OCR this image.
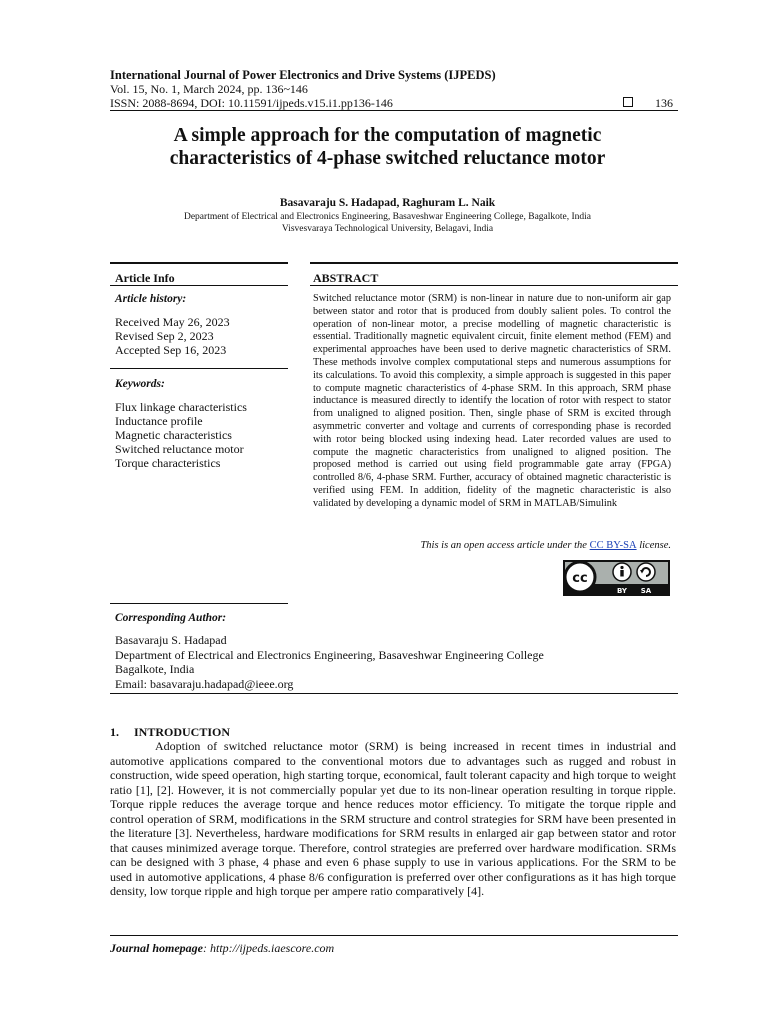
International Journal of Power Electronics and Drive Systems (IJPEDS)
Vol. 15, No. 1, March 2024, pp. 136~146
ISSN: 2088-8694, DOI: 10.11591/ijpeds.v15.i1.pp136-146	136
A simple approach for the computation of magnetic
characteristics of 4-phase switched reluctance motor
Basavaraju S. Hadapad, Raghuram L. Naik
Department of Electrical and Electronics Engineering, Basaveshwar Engineering College, Bagalkote, India
Visvesvaraya Technological University, Belagavi, India
Article Info
Article history:
Received May 26, 2023
Revised Sep 2, 2023
Accepted Sep 16, 2023
Keywords:
Flux linkage characteristics
Inductance profile
Magnetic characteristics
Switched reluctance motor
Torque characteristics
ABSTRACT
Switched reluctance motor (SRM) is non-linear in nature due to non-uniform air gap between stator and rotor that is produced from doubly salient poles. To control the operation of non-linear motor, a precise modelling of magnetic characteristic is essential. Traditionally magnetic equivalent circuit, finite element method (FEM) and experimental approaches have been used to derive magnetic characteristics of SRM. These methods involve complex computational steps and numerous assumptions for its calculations. To avoid this complexity, a simple approach is suggested in this paper to compute magnetic characteristics of 4-phase SRM. In this approach, SRM phase inductance is measured directly to identify the location of rotor with respect to stator from unaligned to aligned position. Then, single phase of SRM is excited through asymmetric converter and voltage and currents of corresponding phase is recorded with rotor being blocked using indexing head. Later recorded values are used to compute the magnetic characteristics from unaligned to aligned position. The proposed method is carried out using field programmable gate array (FPGA) controlled 8/6, 4-phase SRM. Further, accuracy of obtained magnetic characteristic is verified using FEM. In addition, fidelity of the magnetic characteristic is also validated by developing a dynamic model of SRM in MATLAB/Simulink
This is an open access article under the CC BY-SA license.
cc
BY SA
Corresponding Author:
Basavaraju S. Hadapad
Department of Electrical and Electronics Engineering, Basaveshwar Engineering College
Bagalkote, India
Email: basavaraju.hadapad@ieee.org
1.     INTRODUCTION

Adoption of switched reluctance motor (SRM) is being increased in recent times in industrial and automotive applications compared to the conventional motors due to advantages such as rugged and robust in construction, wide speed operation, high starting torque, economical, fault tolerant capacity and high torque to weight ratio [1], [2]. However, it is not commercially popular yet due to its non-linear operation resulting in torque ripple. Torque ripple reduces the average torque and hence reduces motor efficiency. To mitigate the torque ripple and control operation of SRM, modifications in the SRM structure and control strategies for SRM have been presented in the literature [3]. Nevertheless, hardware modifications for SRM results in enlarged air gap between stator and rotor that causes minimized average torque. Therefore, control strategies are preferred over hardware modification. SRMs can be designed with 3 phase, 4 phase and even 6 phase supply to use in various applications. For the SRM to be used in automotive applications, 4 phase 8/6 configuration is preferred over other configurations as it has high torque density, low torque ripple and high torque per ampere ratio comparatively [4].

Journal homepage: http://ijpeds.iaescore.com
